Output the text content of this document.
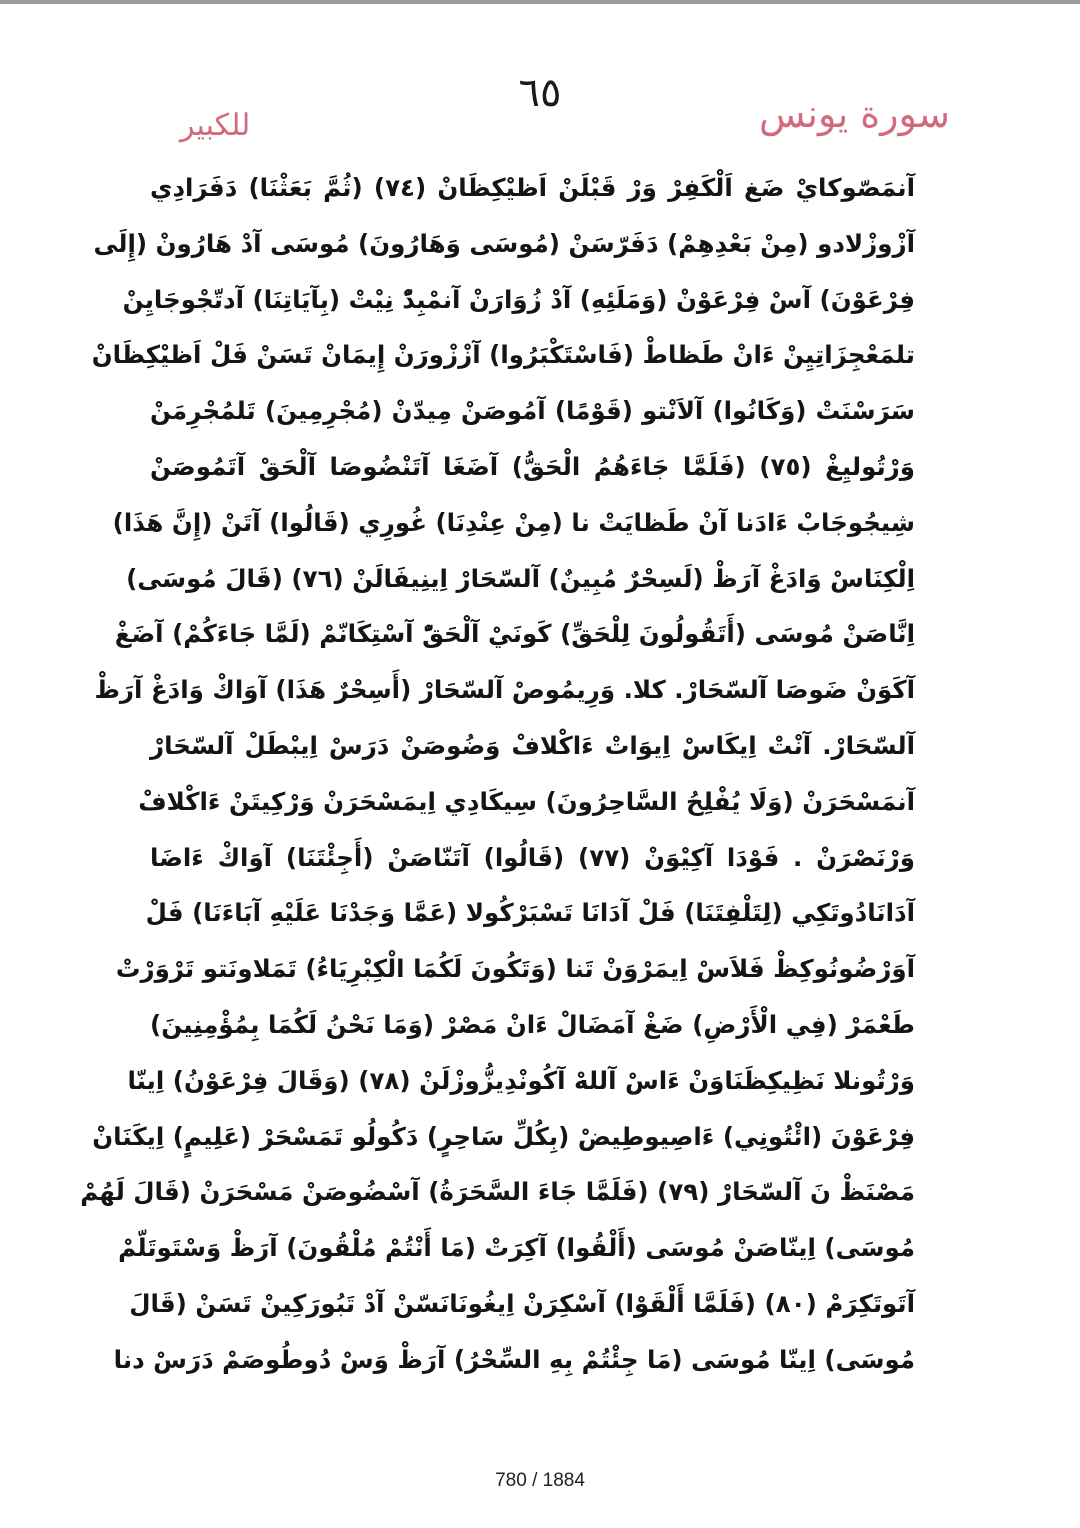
٦٥	سورة يونس
للكبير
آنمَصّوكايْ ضَغ اَلْكَفِرْ وَرْ قَبْلَنْ اَظيْكِظَانْ (٧٤) (ثُمَّ بَعَثْنَا) دَفَرَادِي
آزْوزْلادو (مِنْ بَعْدِهِمْ) دَفَرّسَنْ (مُوسَى وَهَارُونَ) مُوسَى آدْ هَارُونْ (إِلَى
فِرْعَوْنَ) آسْ فِرْعَوْنْ (وَمَلَئِهِ) آدْ زُوَارَنْ آنمْبِدّْ نِيْتْ (بِآيَاتِنَا) آدتّجْوجَايِنْ
تلمَعْجِزَاتِيِنْ ءَانْ طَظاطْ (فَاسْتَكْبَرُوا) آزْزْورَنْ إِيمَانْ تَسَنْ فَلْ اَظيْكِظَانْ
سَرَسْنَتْ (وَكَانُوا) آلاَنْتو (قَوْمًا) آمُوصَنْ مِيدّنْ (مُجْرِمِينَ) تَلمُجْرِمَنْ
وَرْتُوليِغْ (٧٥) (فَلَمَّا جَاءَهُمُ الْحَقُّ) آضَغَا آتَنْضُوصَا آلْحَقْ آتَمُوصَنْ
شِيجُوجَابْ ءَادَنا آنْ طَظايَتْ نا (مِنْ عِنْدِنَا) غُورِي (قَالُوا) آتَنْ (إِنَّ هَذَا)
اِلْكِنَاسْ وَادَغْ آرَظْ (لَسِحْرٌ مُبِينٌ) آلسّحَارْ اِينِيفَالَنْ (٧٦) (قَالَ مُوسَى)
اِنَّاصَنْ مُوسَى (أَتَقُولُونَ لِلْحَقِّ) كَونَيْ آلْحَقّْ آسْتِكَانّمْ (لَمَّا جَاءَكُمْ) آضَغْ
آكَوَنْ ضَوصَا آلسّحَارْ. كلا. وَرِيمُوصْ آلسّحَارْ (أَسِحْرٌ هَذَا) آوَاكْ وَادَغْ آرَظْ
آلسّحَارْ. آنْتْ اِيكَاسْ اِيوَاتْ ءَاكْلافْ وَضُوصَنْ دَرَسْ اِيبْطَلْ آلسّحَارْ
آنمَسْحَرَنْ (وَلَا يُفْلِحُ السَّاحِرُونَ) سِيكَادِي اِيمَسْحَرَنْ وَرْكِيتَنْ ءَاكْلافْ
وَرْنَصْرَنْ . فَوْدَا آكِيْوَنْ (٧٧) (قَالُوا) آتَنّاصَنْ (أَجِئْتَنَا) آوَاكْ ءَاضَا
آدَانَادُوتَكِي (لِتَلْفِتَنَا) فَلْ آدَانَا تَسْبَرْكُولا (عَمَّا وَجَدْنَا عَلَيْهِ آبَاءَنَا) فَلْ
آوَرْضُونُوكِظْ فَلاَسْ اِيمَرْوَنْ تَنا (وَتَكُونَ لَكُمَا الْكِبْرِيَاءُ) تَمَلاونَتو تَرْوَرْتْ
طَعْمَرْ (فِي الْأَرْضِ) ضَغْ آمَضَالْ ءَانْ مَصْرْ (وَمَا نَحْنُ لَكُمَا بِمُؤْمِنِينَ)
وَرْتُونلا نَظِيكِظَنَاوَنْ ءَاسْ آللهْ آكُونْدِيزُّوزْلَنْ (٧٨) (وَقَالَ فِرْعَوْنُ) اِينّا
فِرْعَوْنَ (ائْتُونِي) ءَاصِيوطِيضْ (بِكُلِّ سَاحِرٍ) دَكُولُو تَمَسْحَرْ (عَلِيمٍ) اِيكَنَانْ
مَصْنَظْ نَ آلسّحَارْ (٧٩) (فَلَمَّا جَاءَ السَّحَرَةُ) آسْضُوصَنْ مَسْحَرَنْ (قَالَ لَهُمْ
مُوسَى) اِينّاصَنْ مُوسَى (أَلْقُوا) آكِرَتْ (مَا أَنْتُمْ مُلْقُونَ) آرَظْ وَسْتَوتَلّمْ
آتَوتَكِرَمْ (٨٠) (فَلَمَّا أَلْقَوْا) آسْكِرَنْ اِيغُونَانَسّنْ آدْ تَبُورَكِينْ تَسَنْ (قَالَ
مُوسَى) اِينّا مُوسَى (مَا جِئْتُمْ بِهِ السِّحْرُ) آرَظْ وَسْ دُوطُوصَمْ دَرَسْ دنا
780 / 1884
